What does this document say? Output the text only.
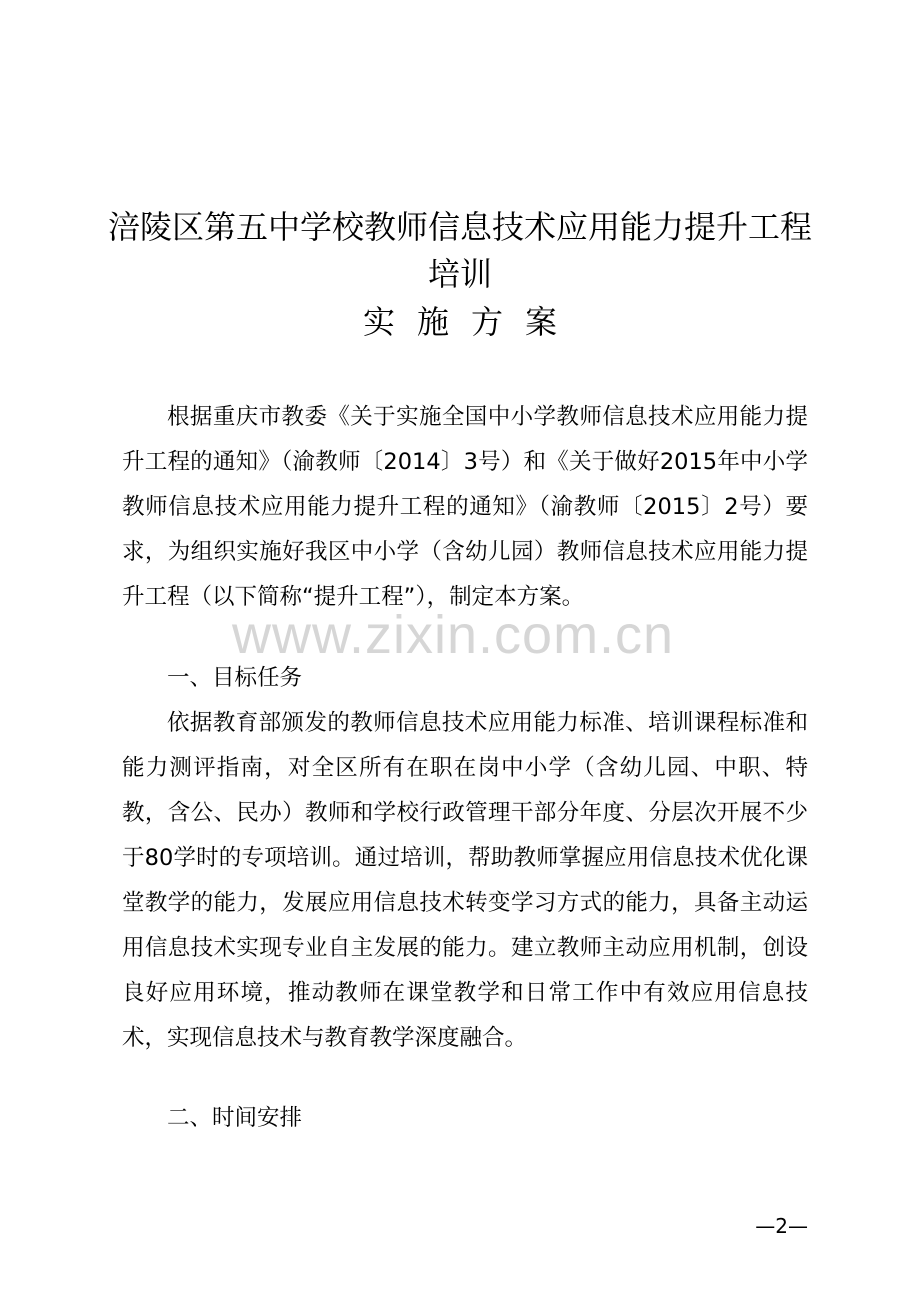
涪陵区第五中学校教师信息技术应用能力提升工程
培训
实施方案

根据重庆市教委《关于实施全国中小学教师信息技术应用能力提升工程的通知》（渝教师〔2014〕3号）和《关于做好2015年中小学教师信息技术应用能力提升工程的通知》（渝教师〔2015〕2号）要求，为组织实施好我区中小学（含幼儿园）教师信息技术应用能力提升工程（以下简称“提升工程”），制定本方案。

一、目标任务

依据教育部颁发的教师信息技术应用能力标准、培训课程标准和能力测评指南，对全区所有在职在岗中小学（含幼儿园、中职、特教，含公、民办）教师和学校行政管理干部分年度、分层次开展不少于80学时的专项培训。通过培训，帮助教师掌握应用信息技术优化课堂教学的能力，发展应用信息技术转变学习方式的能力，具备主动运用信息技术实现专业自主发展的能力。建立教师主动应用机制，创设良好应用环境，推动教师在课堂教学和日常工作中有效应用信息技术，实现信息技术与教育教学深度融合。

二、时间安排
www.zixin.com.cn
—2—
